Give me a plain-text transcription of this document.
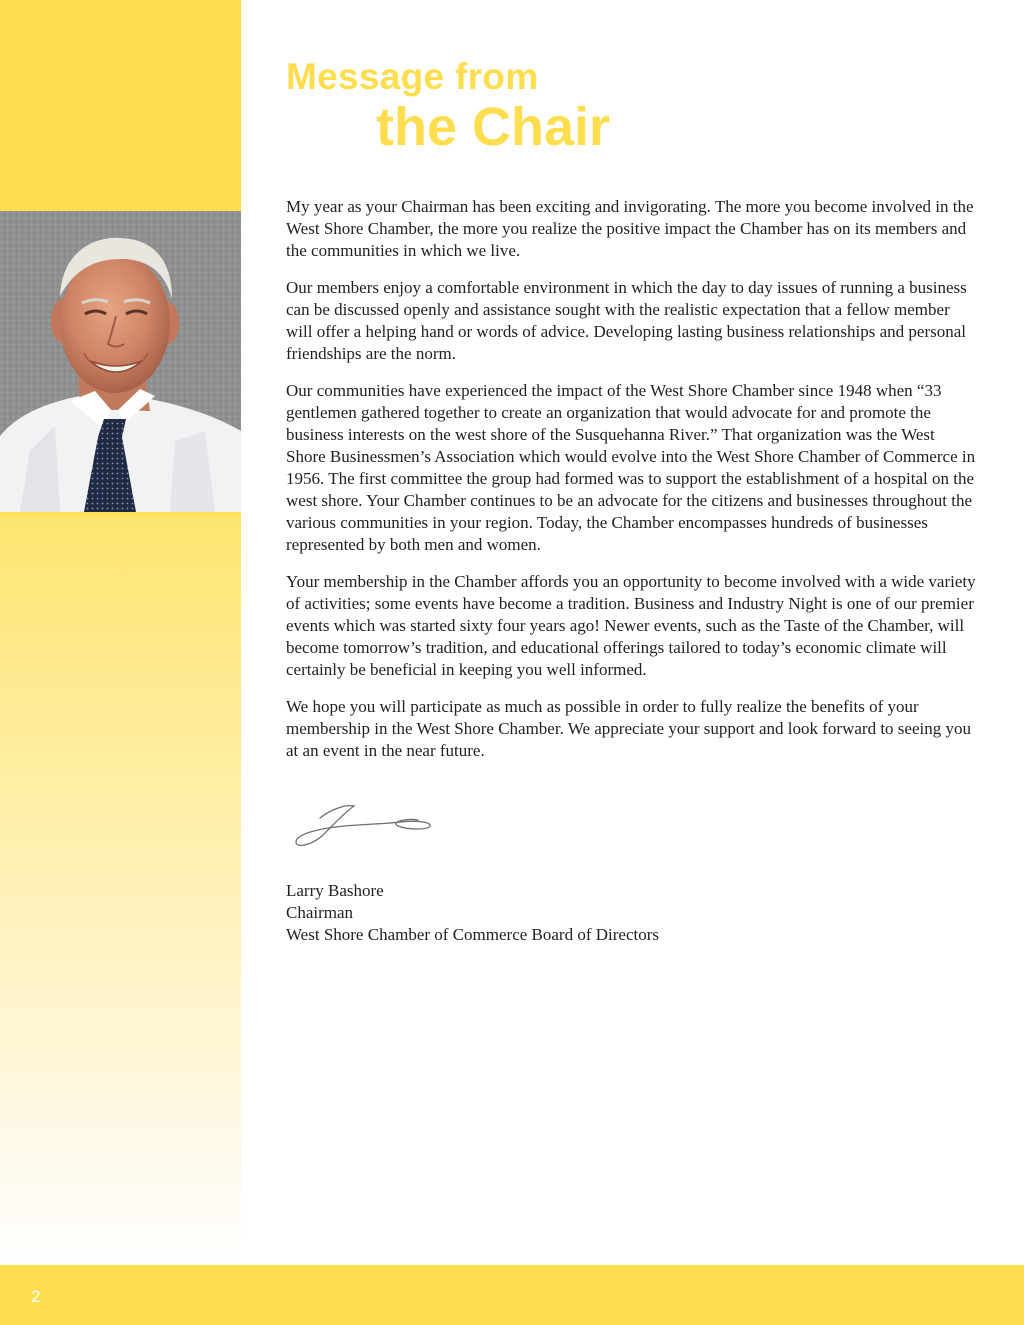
Message from
the Chair

My year as your Chairman has been exciting and invigorating. The more you become involved in the West Shore Chamber, the more you realize the positive impact the Chamber has on its members and the communities in which we live.

Our members enjoy a comfortable environment in which the day to day issues of running a business can be discussed openly and assistance sought with the realistic expectation that a fellow member will offer a helping hand or words of advice. Developing lasting business relationships and personal friendships are the norm.

Our communities have experienced the impact of the West Shore Chamber since 1948 when “33 gentlemen gathered together to create an organization that would advocate for and promote the business interests on the west shore of the Susquehanna River.” That organization was the West Shore Businessmen’s Association which would evolve into the West Shore Chamber of Commerce in 1956. The first committee the group had formed was to support the establishment of a hospital on the west shore. Your Chamber continues to be an advocate for the citizens and businesses throughout the various communities in your region. Today, the Chamber encompasses hundreds of businesses represented by both men and women.

Your membership in the Chamber affords you an opportunity to become involved with a wide variety of activities; some events have become a tradition. Business and Industry Night is one of our premier events which was started sixty four years ago! Newer events, such as the Taste of the Chamber, will become tomorrow’s tradition, and educational offerings tailored to today’s economic climate will certainly be beneficial in keeping you well informed.

We hope you will participate as much as possible in order to fully realize the benefits of your membership in the West Shore Chamber. We appreciate your support and look forward to seeing you at an event in the near future.

Larry Bashore
Chairman
West Shore Chamber of Commerce Board of Directors
2
